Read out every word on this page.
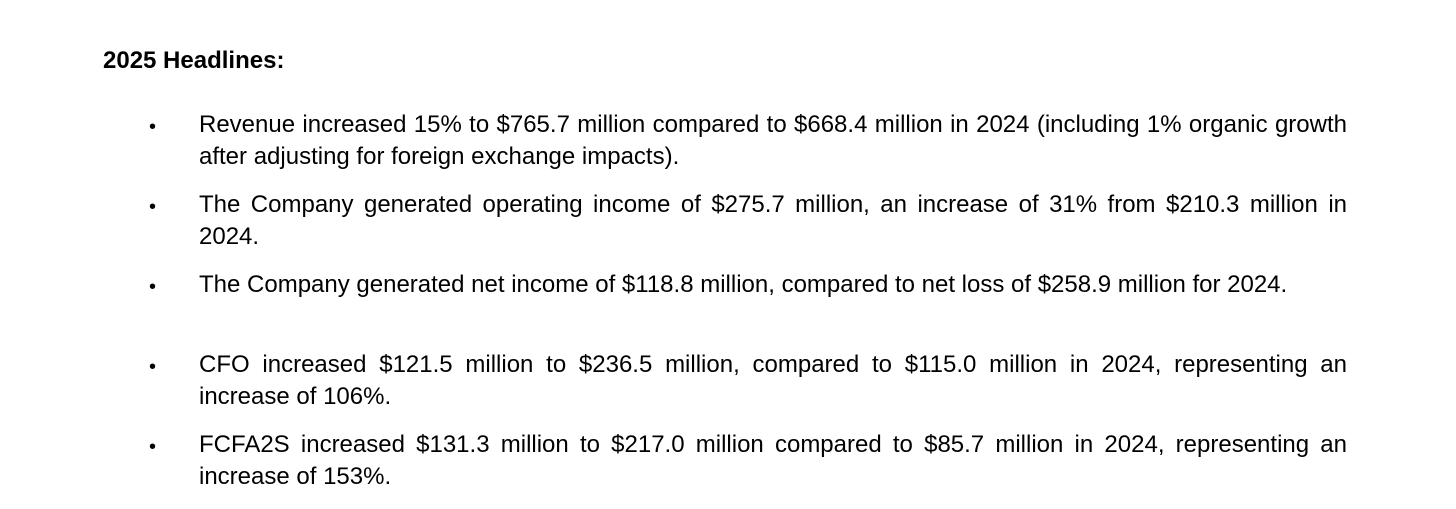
2025 Headlines:
• Revenue increased 15% to $765.7 million compared to $668.4 million in 2024 (including 1% organic growth after adjusting for foreign exchange impacts).

• The Company generated operating income of $275.7 million, an increase of 31% from $210.3 million in 2024.

• The Company generated net income of $118.8 million, compared to net loss of $258.9 million for 2024.

• CFO increased $121.5 million to $236.5 million, compared to $115.0 million in 2024, representing an increase of 106%.

• FCFA2S increased $131.3 million to $217.0 million compared to $85.7 million in 2024, representing an increase of 153%.
